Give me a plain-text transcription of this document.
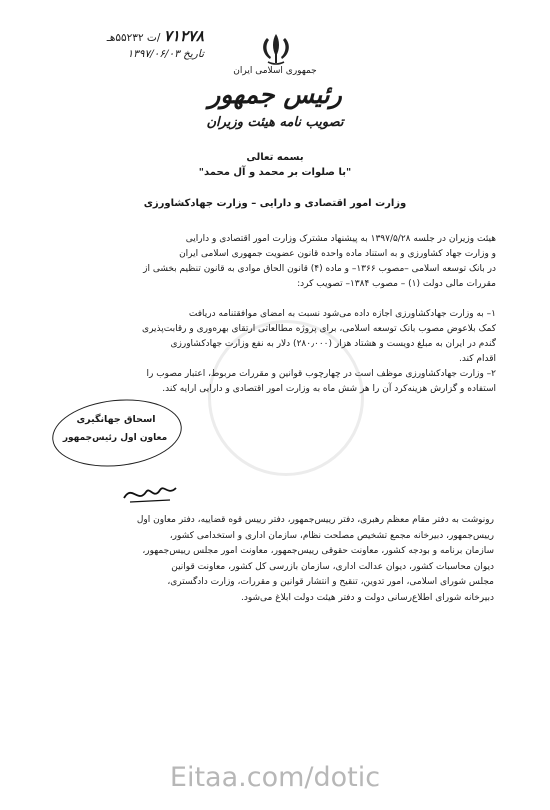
۷۱۲۷۸ /ت ۵۵۲۳۲هـ
تاریخ ۱۳۹۷/۰۶/۰۳
جمهوری اسلامی ایران
رئیس جمهور
تصویب نامه هیئت وزیران
بسمه تعالی
"با صلوات بر محمد و آل محمد"
وزارت امور اقتصادی و دارایی – وزارت جهادکشاورزی
هیئت وزیران در جلسه ۱۳۹۷/۵/۲۸ به پیشنهاد مشترک وزارت امور اقتصادی و دارایی
و وزارت جهاد کشاورزی و به استناد ماده واحده قانون عضویت جمهوری اسلامی ایران
در بانک توسعه اسلامی –مصوب ۱۳۶۶– و ماده (۴) قانون الحاق موادی به قانون تنظیم بخشی از
مقررات مالی دولت (۱) – مصوب ۱۳۸۴– تصویب کرد:
۱– به وزارت جهادکشاورزی اجازه داده می‌شود نسبت به امضای موافقتنامه دریافت
کمک بلاعوض مصوب بانک توسعه اسلامی، برای پروژه مطالعاتی ارتقای بهره‌وری و رقابت‌پذیری
گندم در ایران به مبلغ دویست و هشتاد هزار (۲۸۰٫۰۰۰) دلار به نفع وزارت جهادکشاورزی
اقدام کند.
۲– وزارت جهادکشاورزی موظف است در چهارچوب قوانین و مقررات مربوط، اعتبار مصوب را
استفاده و گزارش هزینه‌کرد آن را هر شش ماه به وزارت امور اقتصادی و دارایی ارایه کند.
اسحاق جهانگیری
معاون اول رئیس‌جمهور
رونوشت به دفتر مقام معظم رهبری، دفتر رییس‌جمهور، دفتر رییس قوه قضاییه، دفتر معاون اول
رییس‌جمهور، دبیرخانه مجمع تشخیص مصلحت نظام، سازمان اداری و استخدامی کشور،
سازمان برنامه و بودجه کشور، معاونت حقوقی رییس‌جمهور، معاونت امور مجلس رییس‌جمهور،
دیوان محاسبات کشور، دیوان عدالت اداری، سازمان بازرسی کل کشور، معاونت قوانین
مجلس شورای اسلامی، امور تدوین، تنقیح و انتشار قوانین و مقررات، وزارت دادگستری،
دبیرخانه شورای اطلاع‌رسانی دولت و دفتر هیئت دولت ابلاغ می‌شود.
Eitaa.com/dotic
